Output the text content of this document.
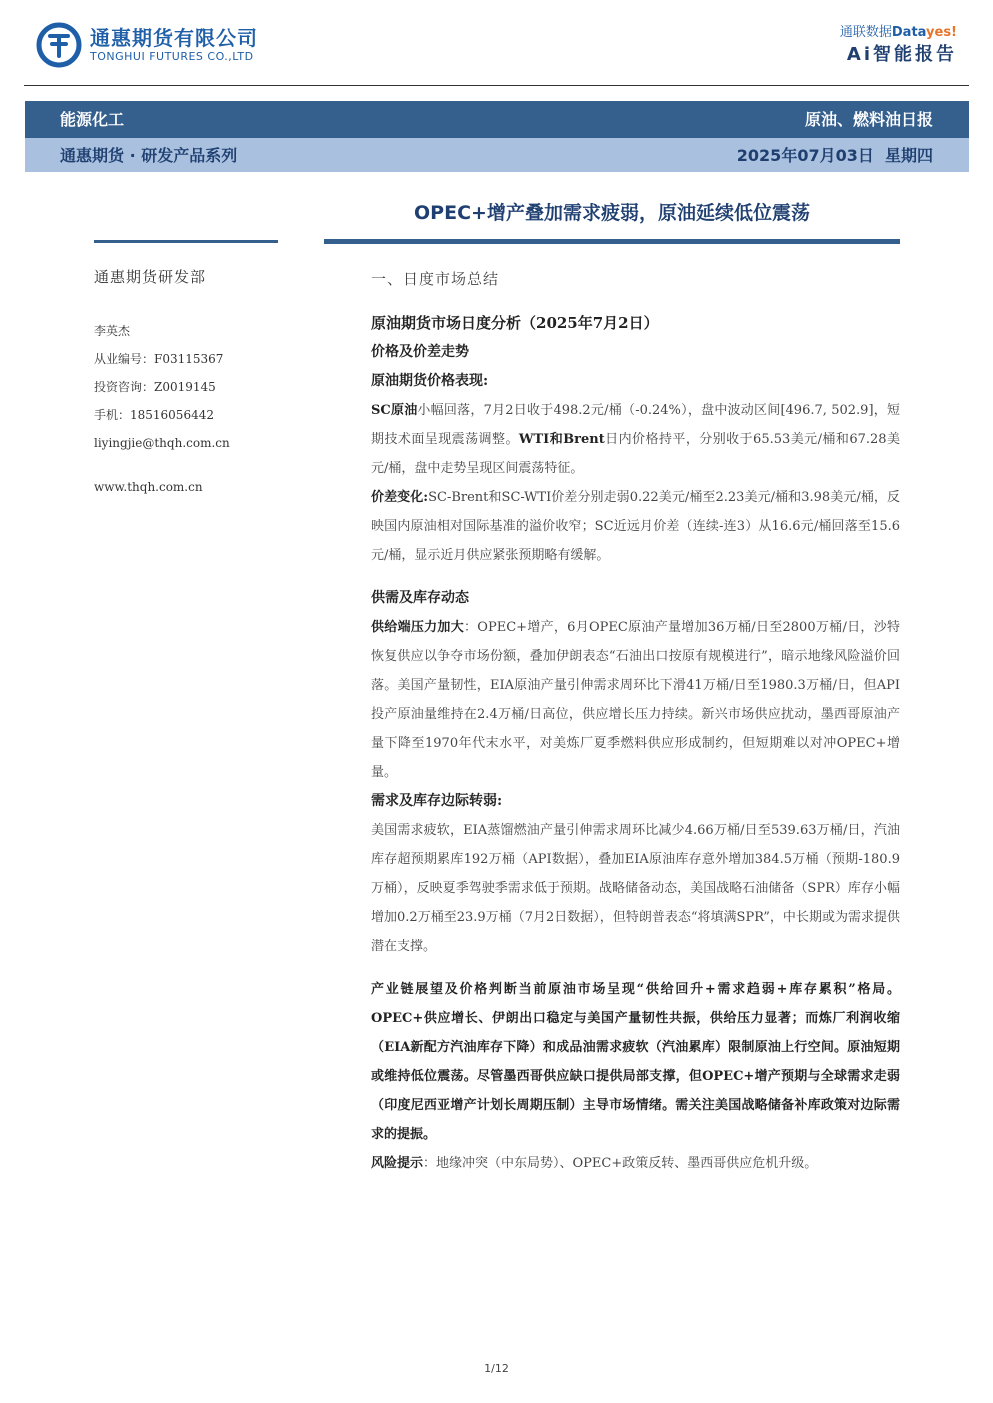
通惠期货有限公司
TONGHUI FUTURES CO.,LTD
通联数据Datayes!
Ai智能报告
能源化工	原油、燃料油日报
通惠期货 · 研发产品系列	2025年07月03日  星期四
OPEC+增产叠加需求疲弱，原油延续低位震荡
通惠期货研发部
李英杰
从业编号：F03115367
投资咨询：Z0019145
手机：18516056442
liyingjie@thqh.com.cn
www.thqh.com.cn
一、日度市场总结
原油期货市场日度分析（2025年7月2日）
价格及价差走势
原油期货价格表现:
SC原油小幅回落，7月2日收于498.2元/桶（-0.24%），盘中波动区间[496.7, 502.9]，短期技术面呈现震荡调整。WTI和Brent日内价格持平，分别收于65.53美元/桶和67.28美元/桶，盘中走势呈现区间震荡特征。
价差变化:SC-Brent和SC-WTI价差分别走弱0.22美元/桶至2.23美元/桶和3.98美元/桶，反映国内原油相对国际基准的溢价收窄；SC近远月价差（连续-连3）从16.6元/桶回落至15.6元/桶，显示近月供应紧张预期略有缓解。
供需及库存动态
供给端压力加大：OPEC+增产，6月OPEC原油产量增加36万桶/日至2800万桶/日，沙特恢复供应以争夺市场份额，叠加伊朗表态“石油出口按原有规模进行”，暗示地缘风险溢价回落。美国产量韧性，EIA原油产量引伸需求周环比下滑41万桶/日至1980.3万桶/日，但API投产原油量维持在2.4万桶/日高位，供应增长压力持续。新兴市场供应扰动，墨西哥原油产量下降至1970年代末水平，对美炼厂夏季燃料供应形成制约，但短期难以对冲OPEC+增量。
需求及库存边际转弱:
美国需求疲软，EIA蒸馏燃油产量引伸需求周环比减少4.66万桶/日至539.63万桶/日，汽油库存超预期累库192万桶（API数据），叠加EIA原油库存意外增加384.5万桶（预期-180.9万桶），反映夏季驾驶季需求低于预期。战略储备动态，美国战略石油储备（SPR）库存小幅增加0.2万桶至23.9万桶（7月2日数据），但特朗普表态“将填满SPR”，中长期或为需求提供潜在支撑。
产业链展望及价格判断当前原油市场呈现“供给回升+需求趋弱+库存累积”格局。OPEC+供应增长、伊朗出口稳定与美国产量韧性共振，供给压力显著；而炼厂利润收缩（EIA新配方汽油库存下降）和成品油需求疲软（汽油累库）限制原油上行空间。原油短期或维持低位震荡。尽管墨西哥供应缺口提供局部支撑，但OPEC+增产预期与全球需求走弱（印度尼西亚增产计划长周期压制）主导市场情绪。需关注美国战略储备补库政策对边际需求的提振。
风险提示：地缘冲突（中东局势）、OPEC+政策反转、墨西哥供应危机升级。
1/12
